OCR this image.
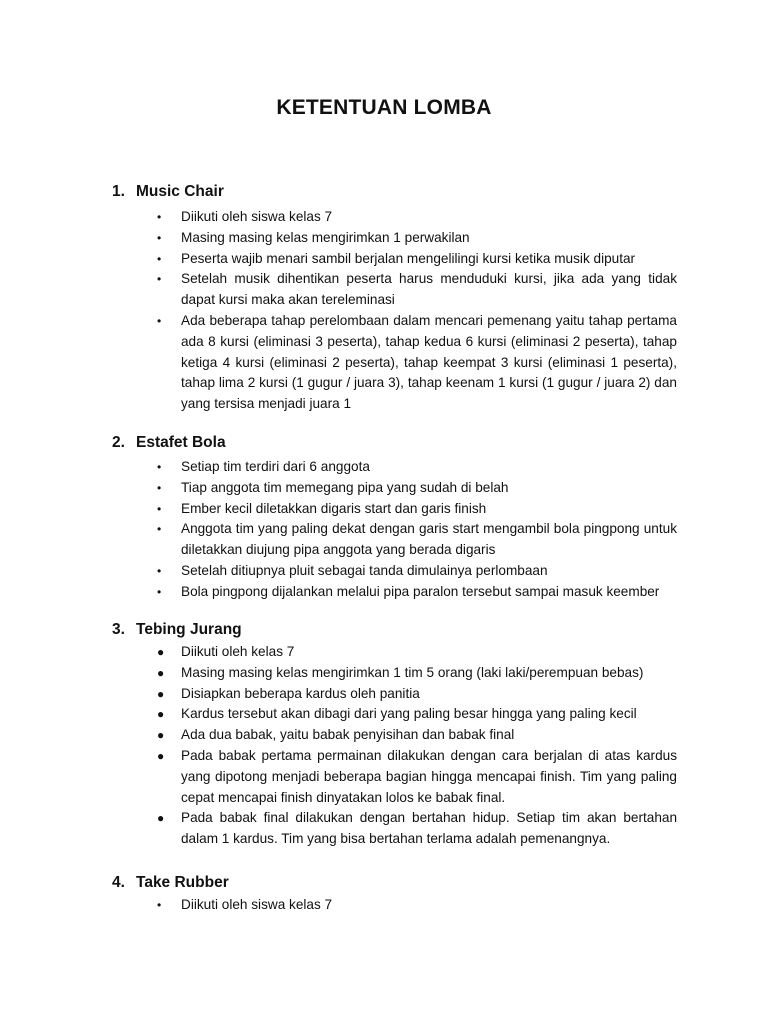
KETENTUAN LOMBA
1. Music Chair
• Diikuti oleh siswa kelas 7
• Masing masing kelas mengirimkan 1 perwakilan
• Peserta wajib menari sambil berjalan mengelilingi kursi ketika musik diputar
• Setelah musik dihentikan peserta harus menduduki kursi, jika ada yang tidak dapat kursi maka akan tereleminasi
• Ada beberapa tahap perelombaan dalam mencari pemenang yaitu tahap pertama ada 8 kursi (eliminasi 3 peserta), tahap kedua 6 kursi (eliminasi 2 peserta), tahap ketiga 4 kursi (eliminasi 2 peserta), tahap keempat 3 kursi (eliminasi 1 peserta), tahap lima 2 kursi (1 gugur / juara 3), tahap keenam 1 kursi (1 gugur / juara 2) dan yang tersisa menjadi juara 1
2. Estafet Bola
• Setiap tim terdiri dari 6 anggota
• Tiap anggota tim memegang pipa yang sudah di belah
• Ember kecil diletakkan digaris start dan garis finish
• Anggota tim yang paling dekat dengan garis start mengambil bola pingpong untuk diletakkan diujung pipa anggota yang berada digaris
• Setelah ditiupnya pluit sebagai tanda dimulainya perlombaan
• Bola pingpong dijalankan melalui pipa paralon tersebut sampai masuk keember
3. Tebing Jurang
● Diikuti oleh kelas 7
● Masing masing kelas mengirimkan 1 tim 5 orang (laki laki/perempuan bebas)
● Disiapkan beberapa kardus oleh panitia
● Kardus tersebut akan dibagi dari yang paling besar hingga yang paling kecil
● Ada dua babak, yaitu babak penyisihan dan babak final
● Pada babak pertama permainan dilakukan dengan cara berjalan di atas kardus yang dipotong menjadi beberapa bagian hingga mencapai finish. Tim yang paling cepat mencapai finish dinyatakan lolos ke babak final.
● Pada babak final dilakukan dengan bertahan hidup. Setiap tim akan bertahan dalam 1 kardus. Tim yang bisa bertahan terlama adalah pemenangnya.
4. Take Rubber
• Diikuti oleh siswa kelas 7
